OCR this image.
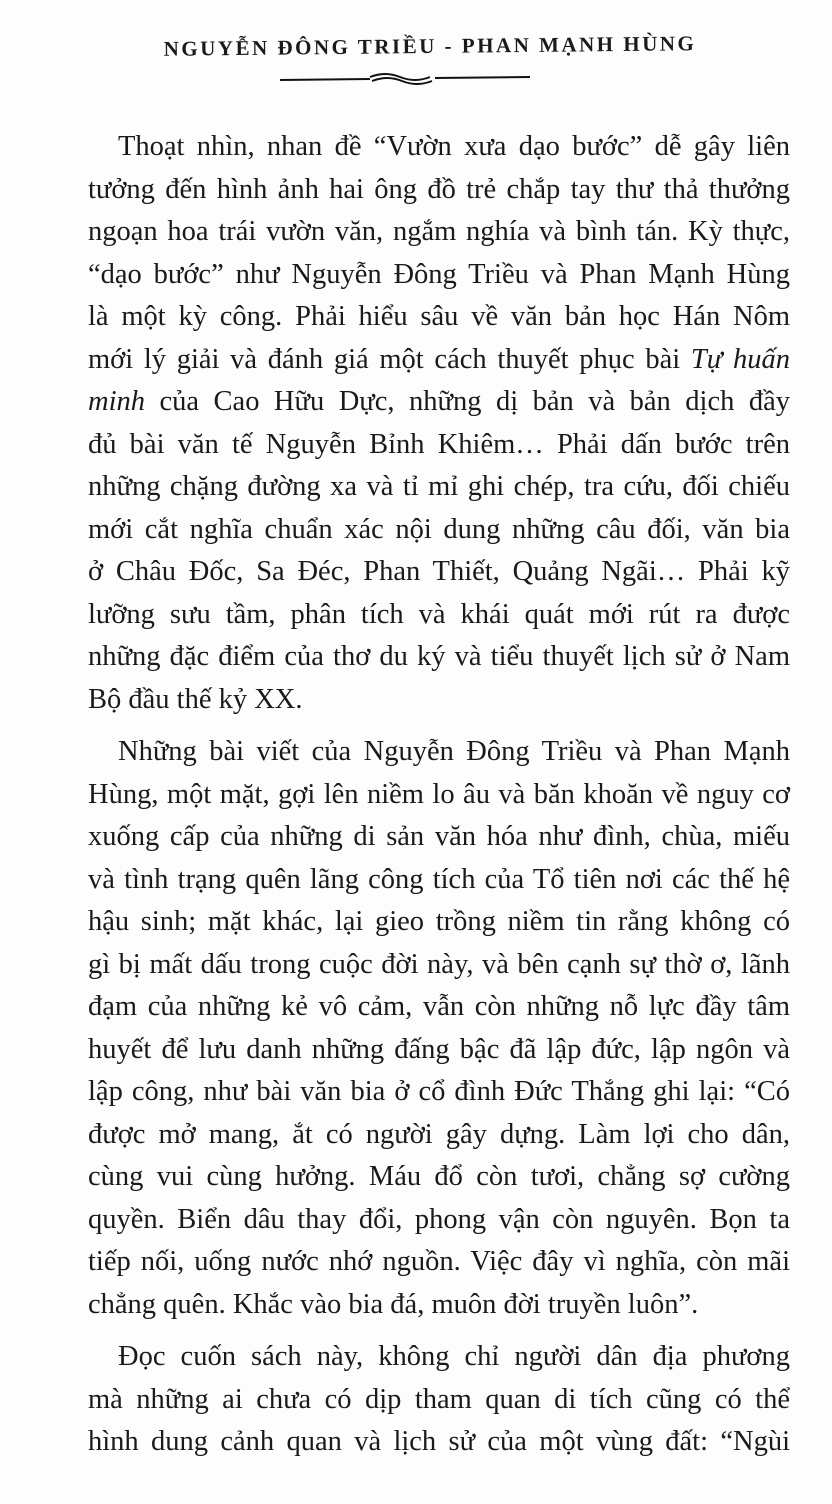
NGUYỄN ĐÔNG TRIỀU - PHAN MẠNH HÙNG
Thoạt nhìn, nhan đề “Vườn xưa dạo bước” dễ gây liên
tưởng đến hình ảnh hai ông đồ trẻ chắp tay thư thả thưởng
ngoạn hoa trái vườn văn, ngắm nghía và bình tán. Kỳ thực,
“dạo bước” như Nguyễn Đông Triều và Phan Mạnh Hùng
là một kỳ công. Phải hiểu sâu về văn bản học Hán Nôm
mới lý giải và đánh giá một cách thuyết phục bài Tự huấn
minh của Cao Hữu Dực, những dị bản và bản dịch đầy
đủ bài văn tế Nguyễn Bỉnh Khiêm… Phải dấn bước trên
những chặng đường xa và tỉ mỉ ghi chép, tra cứu, đối chiếu
mới cắt nghĩa chuẩn xác nội dung những câu đối, văn bia
ở Châu Đốc, Sa Đéc, Phan Thiết, Quảng Ngãi… Phải kỹ
lưỡng sưu tầm, phân tích và khái quát mới rút ra được
những đặc điểm của thơ du ký và tiểu thuyết lịch sử ở Nam
Bộ đầu thế kỷ XX.
Những bài viết của Nguyễn Đông Triều và Phan Mạnh
Hùng, một mặt, gợi lên niềm lo âu và băn khoăn về nguy cơ
xuống cấp của những di sản văn hóa như đình, chùa, miếu
và tình trạng quên lãng công tích của Tổ tiên nơi các thế hệ
hậu sinh; mặt khác, lại gieo trồng niềm tin rằng không có
gì bị mất dấu trong cuộc đời này, và bên cạnh sự thờ ơ, lãnh
đạm của những kẻ vô cảm, vẫn còn những nỗ lực đầy tâm
huyết để lưu danh những đấng bậc đã lập đức, lập ngôn và
lập công, như bài văn bia ở cổ đình Đức Thắng ghi lại: “Có
được mở mang, ắt có người gây dựng. Làm lợi cho dân,
cùng vui cùng hưởng. Máu đổ còn tươi, chẳng sợ cường
quyền. Biển dâu thay đổi, phong vận còn nguyên. Bọn ta
tiếp nối, uống nước nhớ nguồn. Việc đây vì nghĩa, còn mãi
chẳng quên. Khắc vào bia đá, muôn đời truyền luôn”.
Đọc cuốn sách này, không chỉ người dân địa phương
mà những ai chưa có dịp tham quan di tích cũng có thể
hình dung cảnh quan và lịch sử của một vùng đất: “Ngùi
